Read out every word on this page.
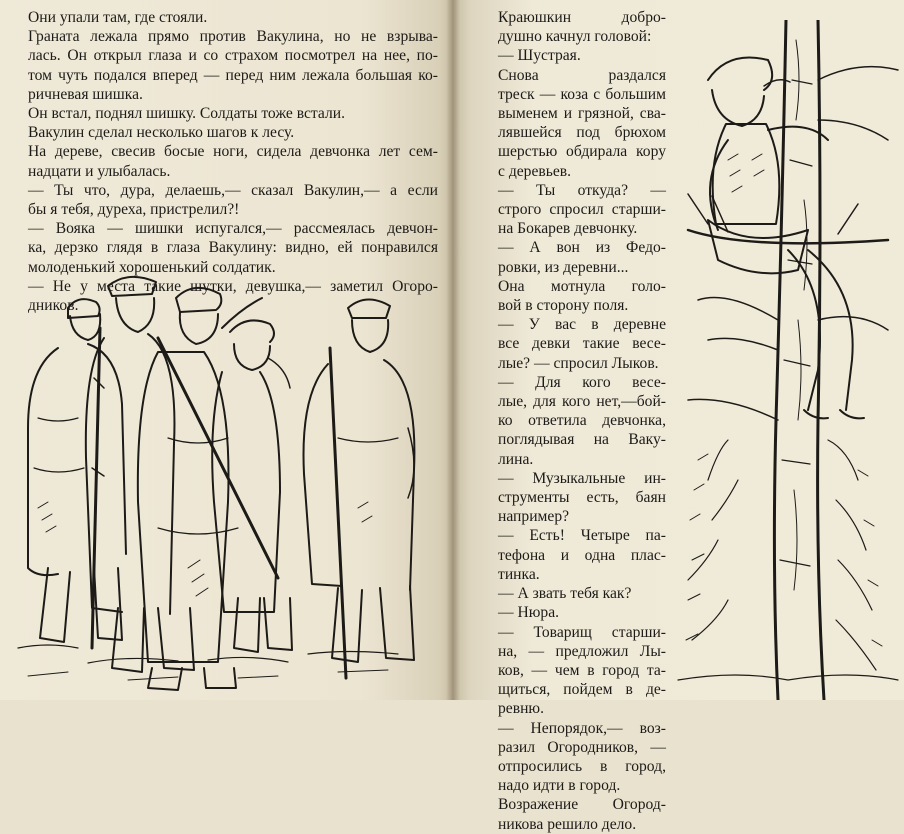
Они упали там, где стояли.
Граната лежала прямо против Вакулина, но не взрыва-
лась. Он открыл глаза и со страхом посмотрел на нее, по-
том чуть подался вперед — перед ним лежала большая ко-
ричневая шишка.
Он встал, поднял шишку. Солдаты тоже встали.
Вакулин сделал несколько шагов к лесу.
На дереве, свесив босые ноги, сидела девчонка лет сем-
надцати и улыбалась.
— Ты что, дура, делаешь,— сказал Вакулин,— а если
бы я тебя, дуреха, пристрелил?!
— Вояка — шишки испугался,— рассмеялась девчон-
ка, дерзко глядя в глаза Вакулину: видно, ей понравился
молоденький хорошенький солдатик.
— Не у места такие шутки, девушка,— заметил Огоро-
дников.
Краюшкин добро-
душно качнул головой:
— Шустрая.
Снова раздался
треск — коза с большим
выменем и грязной, сва-
лявшейся под брюхом
шерстью обдирала кору
с деревьев.
— Ты откуда? —
строго спросил старши-
на Бокарев девчонку.
— А вон из Федо-
ровки, из деревни...
Она мотнула голо-
вой в сторону поля.
— У вас в деревне
все девки такие весе-
лые? — спросил Лыков.
— Для кого весе-
лые, для кого нет,—бой-
ко ответила девчонка,
поглядывая на Ваку-
лина.
— Музыкальные ин-
струменты есть, баян
например?
— Есть! Четыре па-
тефона и одна плас-
тинка.
— А звать тебя как?
— Нюра.
— Товарищ старши-
на, — предложил Лы-
ков, — чем в город та-
щиться, пойдем в де-
ревню.
— Непорядок,— воз-
разил Огородников, —
отпросились в город,
надо идти в город.
Возражение Огород-
никова решило дело.
